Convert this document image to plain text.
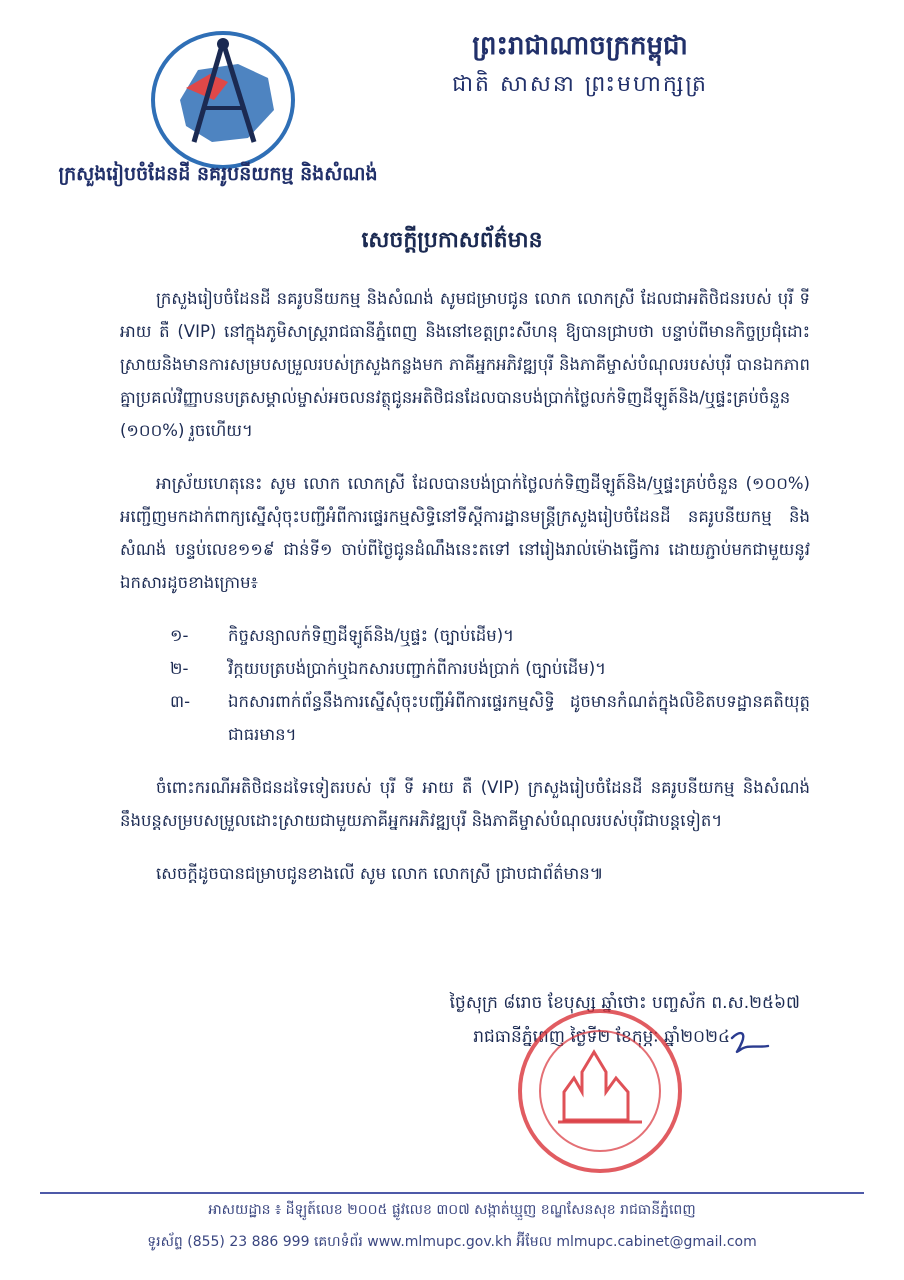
ព្រះរាជាណាចក្រកម្ពុជា
ជាតិ សាសនា ព្រះមហាក្សត្រ
ក្រសួងរៀបចំដែនដី នគរូបនីយកម្ម និងសំណង់
សេចក្តីប្រកាសព័ត៌មាន

ក្រសួងរៀបចំដែនដី នគរូបនីយកម្ម និងសំណង់ សូមជម្រាបជូន លោក លោកស្រី ដែលជាអតិថិជនរបស់ បុរី ទី អាយ តឺ (VIP) នៅក្នុងភូមិសាស្ត្ររាជធានីភ្នំពេញ និងនៅខេត្តព្រះសីហនុ ឱ្យបានជ្រាបថា បន្ទាប់ពីមានកិច្ចប្រជុំដោះស្រាយនិងមានការសម្របសម្រួលរបស់ក្រសួងកន្លងមក ភាគីអ្នកអភិវឌ្ឍបុរី និងភាគីម្ចាស់បំណុលរបស់បុរី បានឯកភាពគ្នាប្រគល់វិញ្ញាបនបត្រសម្គាល់ម្ចាស់អចលនវត្ថុជូនអតិថិជនដែលបានបង់ប្រាក់ថ្លៃលក់ទិញដីឡូត៍និង/ឬផ្ទះគ្រប់ចំនួន (១០០%) រួចហើយ។

អាស្រ័យហេតុនេះ សូម លោក លោកស្រី ដែលបានបង់ប្រាក់ថ្លៃលក់ទិញដីឡូត៍និង/ឬផ្ទះគ្រប់ចំនួន (១០០%) អញ្ជើញមកដាក់ពាក្យស្នើសុំចុះបញ្ជីអំពីការផ្ទេរកម្មសិទ្ធិនៅទីស្តីការដ្ឋានមន្ត្រីក្រសួងរៀបចំដែនដី នគរូបនីយកម្ម និងសំណង់ បន្ទប់លេខ១១៩ ជាន់ទី១ ចាប់ពីថ្ងៃជូនដំណឹងនេះតទៅ នៅរៀងរាល់ម៉ោងធ្វើការ ដោយភ្ជាប់មកជាមួយនូវឯកសារដូចខាងក្រោម៖

១-	កិច្ចសន្យាលក់ទិញដីឡូត៍និង/ឬផ្ទះ (ច្បាប់ដើម)។
២-	វិក្កយបត្របង់ប្រាក់ឬឯកសារបញ្ជាក់ពីការបង់ប្រាក់ (ច្បាប់ដើម)។
៣-	ឯកសារពាក់ព័ន្ធនឹងការស្នើសុំចុះបញ្ជីអំពីការផ្ទេរកម្មសិទ្ធិ ដូចមានកំណត់ក្នុងលិខិតបទដ្ឋានគតិយុត្តជាធរមាន។

ចំពោះករណីអតិថិជនដទៃទៀតរបស់ បុរី ទី អាយ តឺ (VIP) ក្រសួងរៀបចំដែនដី នគរូបនីយកម្ម និងសំណង់ នឹងបន្តសម្របសម្រួលដោះស្រាយជាមួយភាគីអ្នកអភិវឌ្ឍបុរី និងភាគីម្ចាស់បំណុលរបស់បុរីជាបន្តទៀត។

សេចក្តីដូចបានជម្រាបជូនខាងលើ សូម លោក លោកស្រី ជ្រាបជាព័ត៌មាន៕

ថ្ងៃសុក្រ ៨រោច ខែបុស្ស ឆ្នាំថោះ បញ្ចស័ក ព.ស.២៥៦៧
រាជធានីភ្នំពេញ ថ្ងៃទី២ ខែកុម្ភៈ ឆ្នាំ២០២៤
អាសយដ្ឋាន ៖ ដីឡូត៍លេខ ២០០៥ ផ្លូវលេខ ៣០៧ សង្កាត់ឃ្មួញ ខណ្ឌសែនសុខ រាជធានីភ្នំពេញ
ទូរស័ព្ទ (855) 23 886 999 គេហទំព័រ www.mlmupc.gov.kh អ៊ីមែល mlmupc.cabinet@gmail.com
